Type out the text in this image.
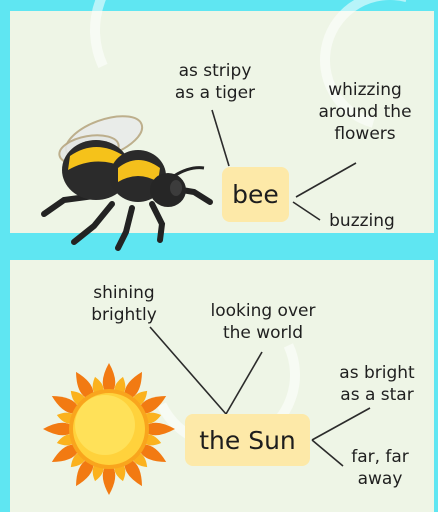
bee
the Sun
as stripy
as a tiger	whizzing
around the
flowers
buzzing
shining
brightly	looking over
the world
as bright
as a star
far, far
away
